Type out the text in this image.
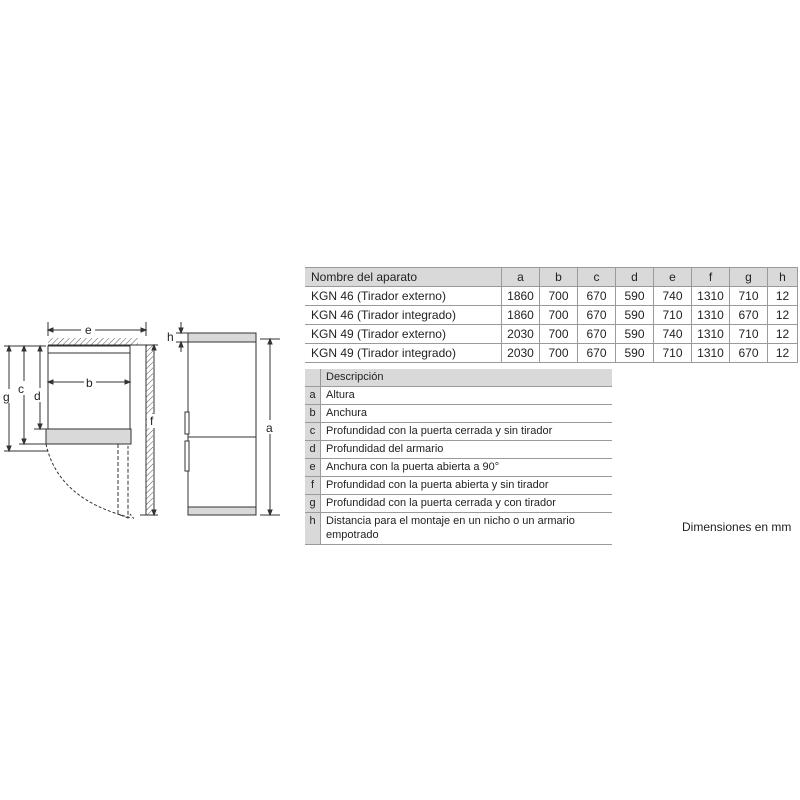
e
b
d
c
g
f
h
a
Nombre del aparato	a	b	c	d	e	f	g	h
KGN 46 (Tirador externo)	1860	700	670	590	740	1310	710	12
KGN 46 (Tirador integrado)	1860	700	670	590	710	1310	670	12
KGN 49 (Tirador externo)	2030	700	670	590	740	1310	710	12
KGN 49 (Tirador integrado)	2030	700	670	590	710	1310	670	12
	Descripción
a	Altura
b	Anchura
c	Profundidad con la puerta cerrada y sin tirador
d	Profundidad del armario
e	Anchura con la puerta abierta a 90°
f	Profundidad con la puerta abierta y sin tirador
g	Profundidad con la puerta cerrada y con tirador
h	Distancia para el montaje en un nicho o un armario empotrado
Dimensiones en mm
